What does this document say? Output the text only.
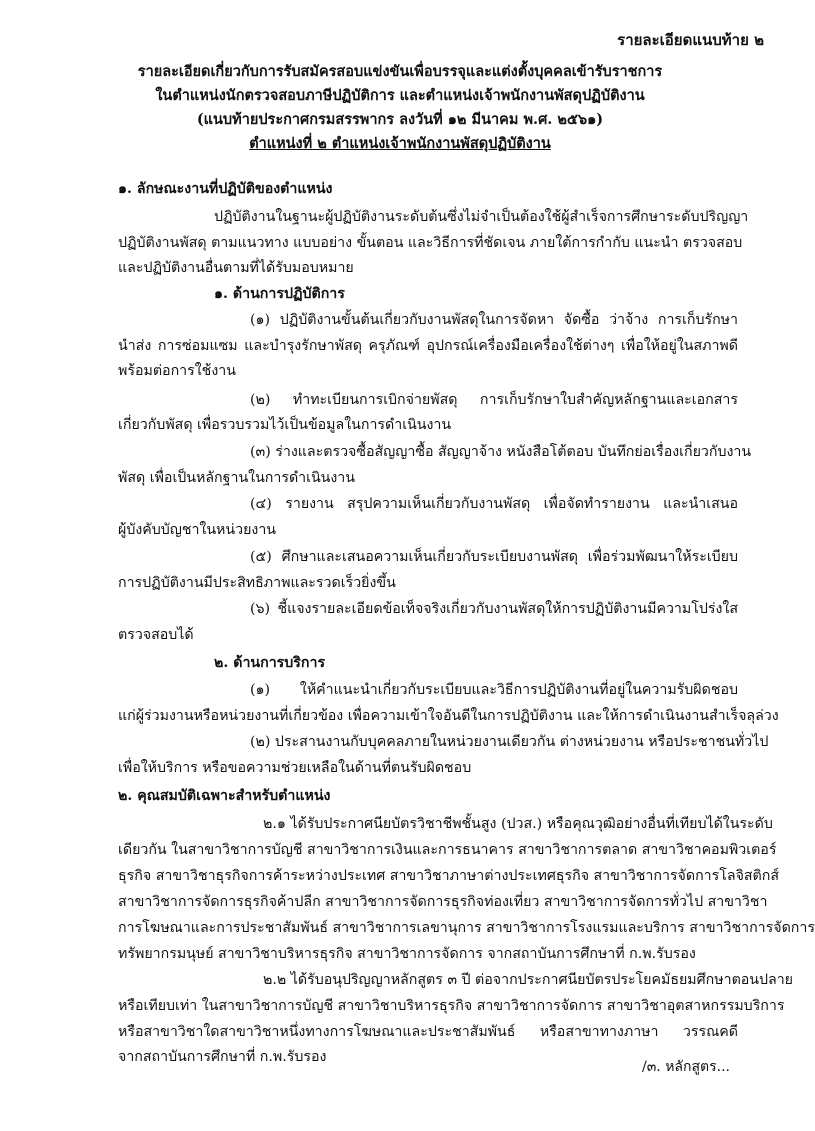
รายละเอียดแนบท้าย ๒
รายละเอียดเกี่ยวกับการรับสมัครสอบแข่งขันเพื่อบรรจุและแต่งตั้งบุคคลเข้ารับราชการ
ในตำแหน่งนักตรวจสอบภาษีปฏิบัติการ และตำแหน่งเจ้าพนักงานพัสดุปฏิบัติงาน
(แนบท้ายประกาศกรมสรรพากร ลงวันที่ ๑๒ มีนาคม พ.ศ. ๒๕๖๑)
ตำแหน่งที่ ๒ ตำแหน่งเจ้าพนักงานพัสดุปฏิบัติงาน
๑. ลักษณะงานที่ปฏิบัติของตำแหน่ง
ปฏิบัติงานในฐานะผู้ปฏิบัติงานระดับต้นซึ่งไม่จำเป็นต้องใช้ผู้สำเร็จการศึกษาระดับปริญญา
ปฏิบัติงานพัสดุ ตามแนวทาง แบบอย่าง ขั้นตอน และวิธีการที่ชัดเจน ภายใต้การกำกับ แนะนำ ตรวจสอบ
และปฏิบัติงานอื่นตามที่ได้รับมอบหมาย
๑. ด้านการปฏิบัติการ
(๑) ปฏิบัติงานขั้นต้นเกี่ยวกับงานพัสดุในการจัดหา จัดซื้อ ว่าจ้าง การเก็บรักษา
นำส่ง การซ่อมแซม และบำรุงรักษาพัสดุ ครุภัณฑ์ อุปกรณ์เครื่องมือเครื่องใช้ต่างๆ เพื่อให้อยู่ในสภาพดี
พร้อมต่อการใช้งาน
(๒) ทำทะเบียนการเบิกจ่ายพัสดุ การเก็บรักษาใบสำคัญหลักฐานและเอกสาร
เกี่ยวกับพัสดุ เพื่อรวบรวมไว้เป็นข้อมูลในการดำเนินงาน
(๓) ร่างและตรวจซื้อสัญญาซื้อ สัญญาจ้าง หนังสือโต้ตอบ บันทึกย่อเรื่องเกี่ยวกับงาน
พัสดุ เพื่อเป็นหลักฐานในการดำเนินงาน
(๔) รายงาน สรุปความเห็นเกี่ยวกับงานพัสดุ เพื่อจัดทำรายงาน และนำเสนอ
ผู้บังคับบัญชาในหน่วยงาน
(๕) ศึกษาและเสนอความเห็นเกี่ยวกับระเบียบงานพัสดุ เพื่อร่วมพัฒนาให้ระเบียบ
การปฏิบัติงานมีประสิทธิภาพและรวดเร็วยิ่งขึ้น
(๖) ชี้แจงรายละเอียดข้อเท็จจริงเกี่ยวกับงานพัสดุให้การปฏิบัติงานมีความโปร่งใส
ตรวจสอบได้
๒. ด้านการบริการ
(๑) ให้คำแนะนำเกี่ยวกับระเบียบและวิธีการปฏิบัติงานที่อยู่ในความรับผิดชอบ
แก่ผู้ร่วมงานหรือหน่วยงานที่เกี่ยวข้อง เพื่อความเข้าใจอันดีในการปฏิบัติงาน และให้การดำเนินงานสำเร็จลุล่วง
(๒) ประสานงานกับบุคคลภายในหน่วยงานเดียวกัน ต่างหน่วยงาน หรือประชาชนทั่วไป
เพื่อให้บริการ หรือขอความช่วยเหลือในด้านที่ตนรับผิดชอบ
๒. คุณสมบัติเฉพาะสำหรับตำแหน่ง
๒.๑ ได้รับประกาศนียบัตรวิชาชีพชั้นสูง (ปวส.) หรือคุณวุฒิอย่างอื่นที่เทียบได้ในระดับ
เดียวกัน ในสาขาวิชาการบัญชี สาขาวิชาการเงินและการธนาคาร สาขาวิชาการตลาด สาขาวิชาคอมพิวเตอร์
ธุรกิจ สาขาวิชาธุรกิจการค้าระหว่างประเทศ สาขาวิชาภาษาต่างประเทศธุรกิจ สาขาวิชาการจัดการโลจิสติกส์
สาขาวิชาการจัดการธุรกิจค้าปลีก สาขาวิชาการจัดการธุรกิจท่องเที่ยว สาขาวิชาการจัดการทั่วไป สาขาวิชา
การโฆษณาและการประชาสัมพันธ์ สาขาวิชาการเลขานุการ สาขาวิชาการโรงแรมและบริการ สาขาวิชาการจัดการ
ทรัพยากรมนุษย์ สาขาวิชาบริหารธุรกิจ สาขาวิชาการจัดการ จากสถาบันการศึกษาที่ ก.พ.รับรอง
๒.๒ ได้รับอนุปริญญาหลักสูตร ๓ ปี ต่อจากประกาศนียบัตรประโยคมัธยมศึกษาตอนปลาย
หรือเทียบเท่า ในสาขาวิชาการบัญชี สาขาวิชาบริหารธุรกิจ สาขาวิชาการจัดการ สาขาวิชาอุตสาหกรรมบริการ
หรือสาขาวิชาใดสาขาวิชาหนึ่งทางการโฆษณาและประชาสัมพันธ์ หรือสาขาทางภาษา วรรณคดี
จากสถาบันการศึกษาที่ ก.พ.รับรอง
/๓. หลักสูตร...
